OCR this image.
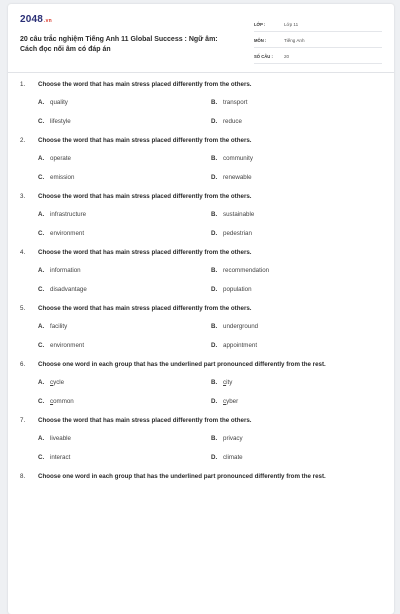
2048.vn
20 câu trắc nghiệm Tiếng Anh 11 Global Success : Ngữ âm: Cách đọc nối âm có đáp án
LỚP :	Lớp 11
MÔN :	Tiếng Anh
SỐ CÂU :	20
1.	Choose the word that has main stress placed differently from the others.
A. quality	B. transport
C. lifestyle	D. reduce
2.	Choose the word that has main stress placed differently from the others.
A. operate	B. community
C. emission	D. renewable
3.	Choose the word that has main stress placed differently from the others.
A. infrastructure	B. sustainable
C. environment	D. pedestrian
4.	Choose the word that has main stress placed differently from the others.
A. information	B. recommendation
C. disadvantage	D. population
5.	Choose the word that has main stress placed differently from the others.
A. facility	B. underground
C. environment	D. appointment
6.	Choose one word in each group that has the underlined part pronounced differently from the rest.
A. cycle	B. city
C. common	D. cyber
7.	Choose the word that has main stress placed differently from the others.
A. liveable	B. privacy
C. interact	D. climate
8.	Choose one word in each group that has the underlined part pronounced differently from the rest.
